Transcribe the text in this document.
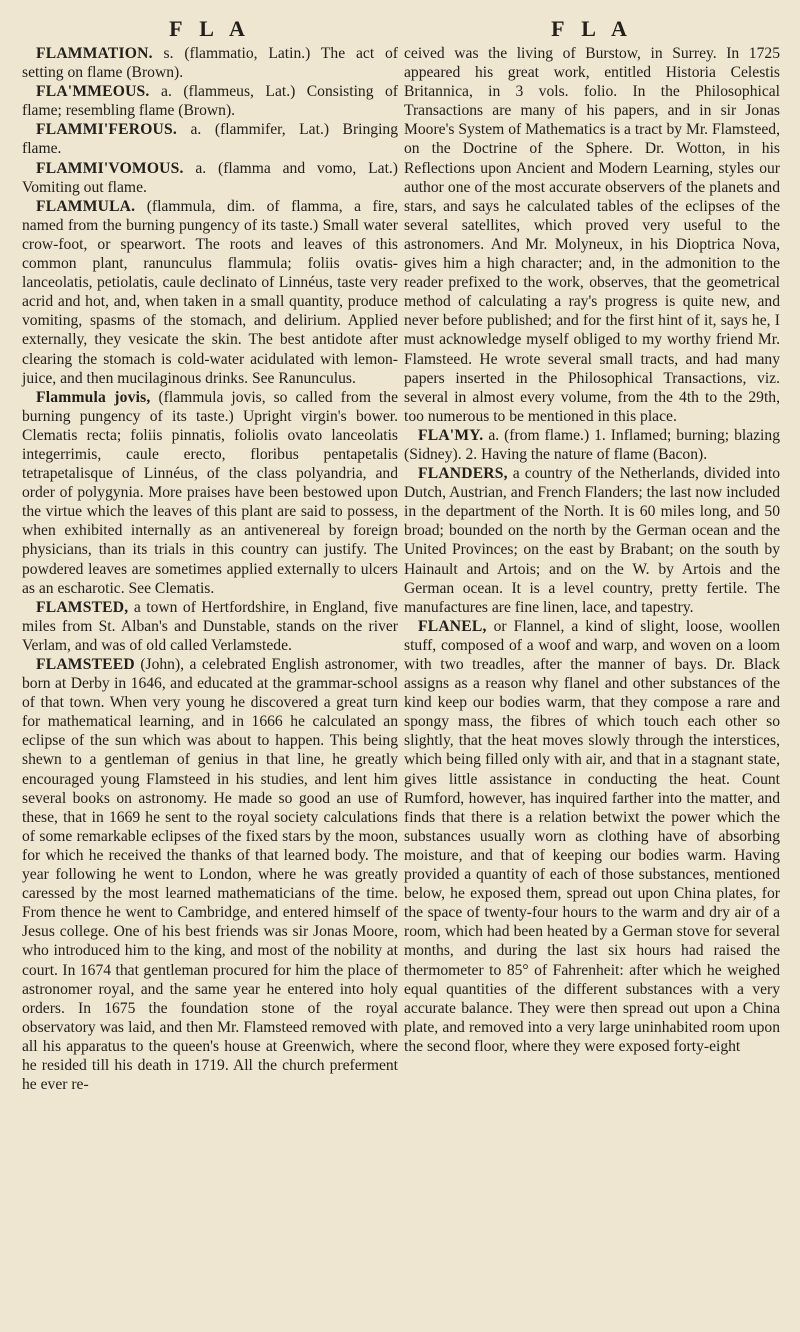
F L A

FLAMMATION. s. (flammatio, Latin.) The act of setting on flame (Brown).

FLA'MMEOUS. a. (flammeus, Lat.) Consisting of flame; resembling flame (Brown).

FLAMMI'FEROUS. a. (flammifer, Lat.) Bringing flame.

FLAMMI'VOMOUS. a. (flamma and vomo, Lat.) Vomiting out flame.

FLAMMULA. (flammula, dim. of flamma, a fire, named from the burning pungency of its taste.) Small water crow-foot, or spearwort. The roots and leaves of this common plant, ranunculus flammula; foliis ovatis-lanceolatis, petiolatis, caule declinato of Linnéus, taste very acrid and hot, and, when taken in a small quantity, produce vomiting, spasms of the stomach, and delirium. Applied externally, they vesicate the skin. The best antidote after clearing the stomach is cold-water acidulated with lemon-juice, and then mucilaginous drinks. See Ranunculus.

Flammula jovis, (flammula jovis, so called from the burning pungency of its taste.) Upright virgin's bower. Clematis recta; foliis pinnatis, foliolis ovato lanceolatis integerrimis, caule erecto, floribus pentapetalis tetrapetalisque of Linnéus, of the class polyandria, and order of polygynia. More praises have been bestowed upon the virtue which the leaves of this plant are said to possess, when exhibited internally as an antivenereal by foreign physicians, than its trials in this country can justify. The powdered leaves are sometimes applied externally to ulcers as an escharotic. See Clematis.

FLAMSTED, a town of Hertfordshire, in England, five miles from St. Alban's and Dunstable, stands on the river Verlam, and was of old called Verlamstede.

FLAMSTEED (John), a celebrated English astronomer, born at Derby in 1646, and educated at the grammar-school of that town. When very young he discovered a great turn for mathematical learning, and in 1666 he calculated an eclipse of the sun which was about to happen. This being shewn to a gentleman of genius in that line, he greatly encouraged young Flamsteed in his studies, and lent him several books on astronomy. He made so good an use of these, that in 1669 he sent to the royal society calculations of some remarkable eclipses of the fixed stars by the moon, for which he received the thanks of that learned body. The year following he went to London, where he was greatly caressed by the most learned mathematicians of the time. From thence he went to Cambridge, and entered himself of Jesus college. One of his best friends was sir Jonas Moore, who introduced him to the king, and most of the nobility at court. In 1674 that gentleman procured for him the place of astronomer royal, and the same year he entered into holy orders. In 1675 the foundation stone of the royal observatory was laid, and then Mr. Flamsteed removed with all his apparatus to the queen's house at Greenwich, where he resided till his death in 1719. All the church preferment he ever re-

F L A

ceived was the living of Burstow, in Surrey. In 1725 appeared his great work, entitled Historia Celestis Britannica, in 3 vols. folio. In the Philosophical Transactions are many of his papers, and in sir Jonas Moore's System of Mathematics is a tract by Mr. Flamsteed, on the Doctrine of the Sphere. Dr. Wotton, in his Reflections upon Ancient and Modern Learning, styles our author one of the most accurate observers of the planets and stars, and says he calculated tables of the eclipses of the several satellites, which proved very useful to the astronomers. And Mr. Molyneux, in his Dioptrica Nova, gives him a high character; and, in the admonition to the reader prefixed to the work, observes, that the geometrical method of calculating a ray's progress is quite new, and never before published; and for the first hint of it, says he, I must acknowledge myself obliged to my worthy friend Mr. Flamsteed. He wrote several small tracts, and had many papers inserted in the Philosophical Transactions, viz. several in almost every volume, from the 4th to the 29th, too numerous to be mentioned in this place.

FLA'MY. a. (from flame.) 1. Inflamed; burning; blazing (Sidney). 2. Having the nature of flame (Bacon).

FLANDERS, a country of the Netherlands, divided into Dutch, Austrian, and French Flanders; the last now included in the department of the North. It is 60 miles long, and 50 broad; bounded on the north by the German ocean and the United Provinces; on the east by Brabant; on the south by Hainault and Artois; and on the W. by Artois and the German ocean. It is a level country, pretty fertile. The manufactures are fine linen, lace, and tapestry.

FLANEL, or Flannel, a kind of slight, loose, woollen stuff, composed of a woof and warp, and woven on a loom with two treadles, after the manner of bays. Dr. Black assigns as a reason why flanel and other substances of the kind keep our bodies warm, that they compose a rare and spongy mass, the fibres of which touch each other so slightly, that the heat moves slowly through the interstices, which being filled only with air, and that in a stagnant state, gives little assistance in conducting the heat. Count Rumford, however, has inquired farther into the matter, and finds that there is a relation betwixt the power which the substances usually worn as clothing have of absorbing moisture, and that of keeping our bodies warm. Having provided a quantity of each of those substances, mentioned below, he exposed them, spread out upon China plates, for the space of twenty-four hours to the warm and dry air of a room, which had been heated by a German stove for several months, and during the last six hours had raised the thermometer to 85° of Fahrenheit: after which he weighed equal quantities of the different substances with a very accurate balance. They were then spread out upon a China plate, and removed into a very large uninhabited room upon the second floor, where they were exposed forty-eight
